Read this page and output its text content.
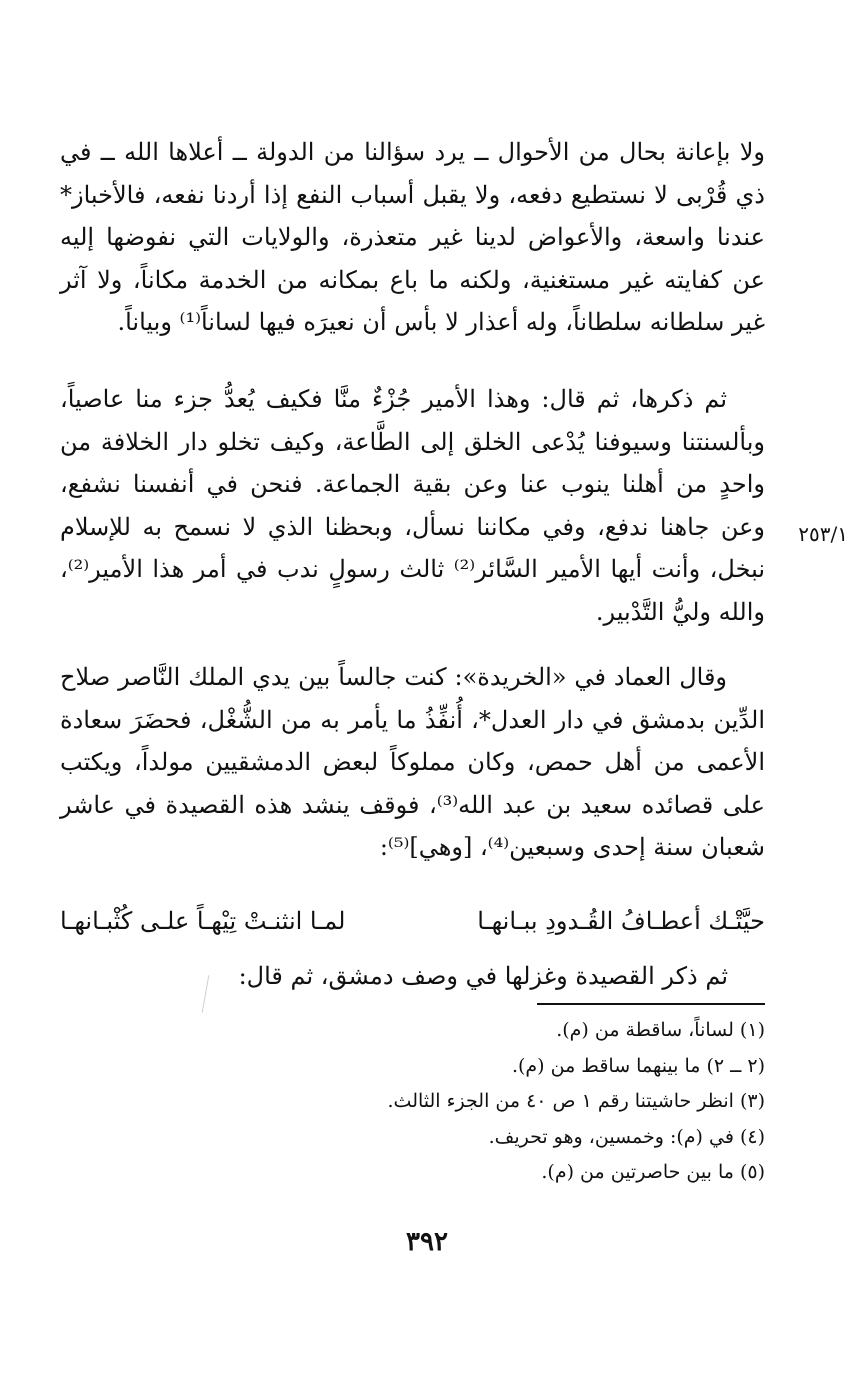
ولا بإعانة بحال من الأحوال ــ يرد سؤالنا من الدولة ــ أعلاها الله ــ في ذي قُرْبى لا نستطيع دفعه، ولا يقبل أسباب النفع إذا أردنا نفعه، فالأخباز* عندنا واسعة، والأعواض لدينا غير متعذرة، والولايات التي نفوضها إليه عن كفايته غير مستغنية، ولكنه ما باع بمكانه من الخدمة مكاناً، ولا آثر غير سلطانه سلطاناً، وله أعذار لا بأس أن نعيرَه فيها لساناً⁽¹⁾ وبياناً.

ثم ذكرها، ثم قال: وهذا الأمير جُزْءٌ منَّا فكيف يُعدُّ جزء منا عاصياً، وبألسنتنا وسيوفنا يُدْعى الخلق إلى الطَّاعة، وكيف تخلو دار الخلافة من واحدٍ من أهلنا ينوب عنا وعن بقية الجماعة. فنحن في أنفسنا نشفع، وعن جاهنا ندفع، وفي مكاننا نسأل، وبحظنا الذي لا نسمح به للإسلام نبخل، وأنت أيها الأمير السَّائر⁽²⁾ ثالث رسولٍ ندب في أمر هذا الأمير⁽²⁾، والله وليُّ التَّدْبير.

٢٥٣/١

وقال العماد في «الخريدة»: كنت جالساً بين يدي الملك النَّاصر صلاح الدِّين بدمشق في دار العدل*، أُنفِّذُ ما يأمر به من الشُّغْل، فحضَرَ سعادة الأعمى من أهل حمص، وكان مملوكاً لبعض الدمشقيين مولداً، ويكتب على قصائده سعيد بن عبد الله⁽³⁾، فوقف ينشد هذه القصيدة في عاشر شعبان سنة إحدى وسبعين⁽⁴⁾، [وهي]⁽⁵⁾:

حيَّتْـك أعطـافُ القُـدودِ ببـانهـا
لمـا انثنـتْ تِيْهـاً علـى كُثْبـانهـا
ثم ذكر القصيدة وغزلها في وصف دمشق، ثم قال:

(١) لساناً، ساقطة من (م).

(٢ ــ ٢) ما بينهما ساقط من (م).

(٣) انظر حاشيتنا رقم ١ ص ٤٠ من الجزء الثالث.

(٤) في (م): وخمسين، وهو تحريف.

(٥) ما بين حاصرتين من (م).

٣٩٢
